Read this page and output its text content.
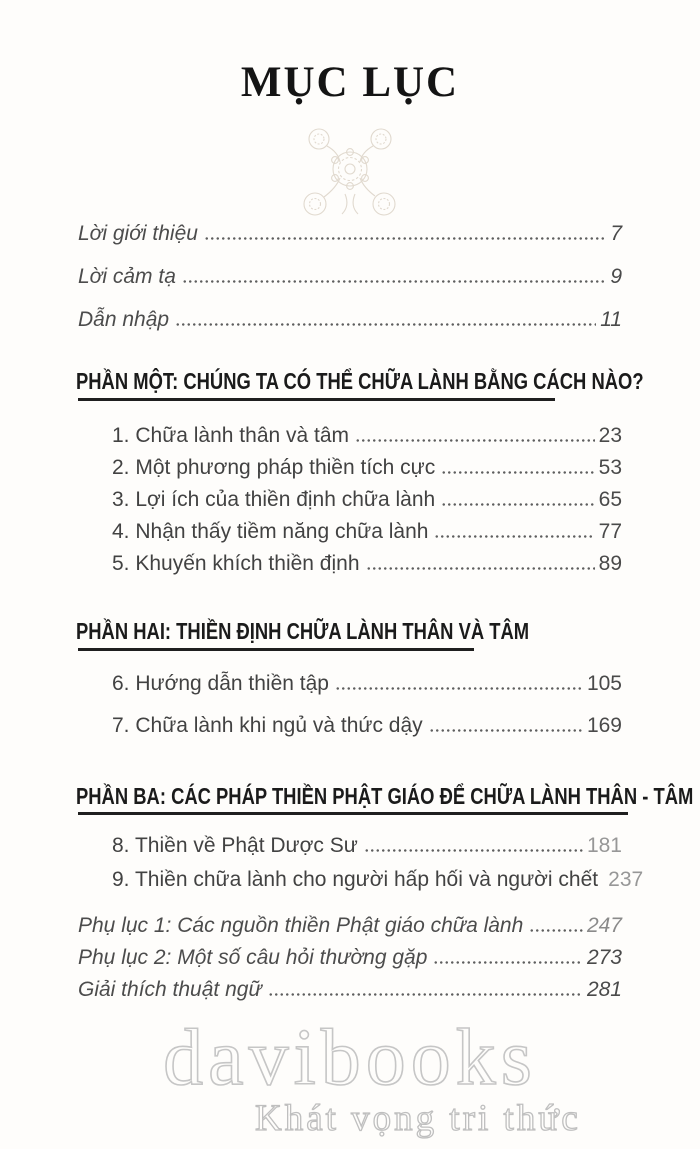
MỤC LỤC
Lời giới thiệu	7
Lời cảm tạ	9
Dẫn nhập	11
PHẦN MỘT: CHÚNG TA CÓ THỂ CHỮA LÀNH BẰNG CÁCH NÀO?
1. Chữa lành thân và tâm	23
2. Một phương pháp thiền tích cực	53
3. Lợi ích của thiền định chữa lành	65
4. Nhận thấy tiềm năng chữa lành	77
5. Khuyến khích thiền định	89
PHẦN HAI: THIỀN ĐỊNH CHỮA LÀNH THÂN VÀ TÂM
6. Hướng dẫn thiền tập	105
7. Chữa lành khi ngủ và thức dậy	169
PHẦN BA: CÁC PHÁP THIỀN PHẬT GIÁO ĐỂ CHỮA LÀNH THÂN - TÂM
8. Thiền về Phật Dược Sư	181
9. Thiền chữa lành cho người hấp hối và người chết 237
Phụ lục 1: Các nguồn thiền Phật giáo chữa lành	247
Phụ lục 2: Một số câu hỏi thường gặp	273
Giải thích thuật ngữ	281
davibooks
Khát vọng tri thức
